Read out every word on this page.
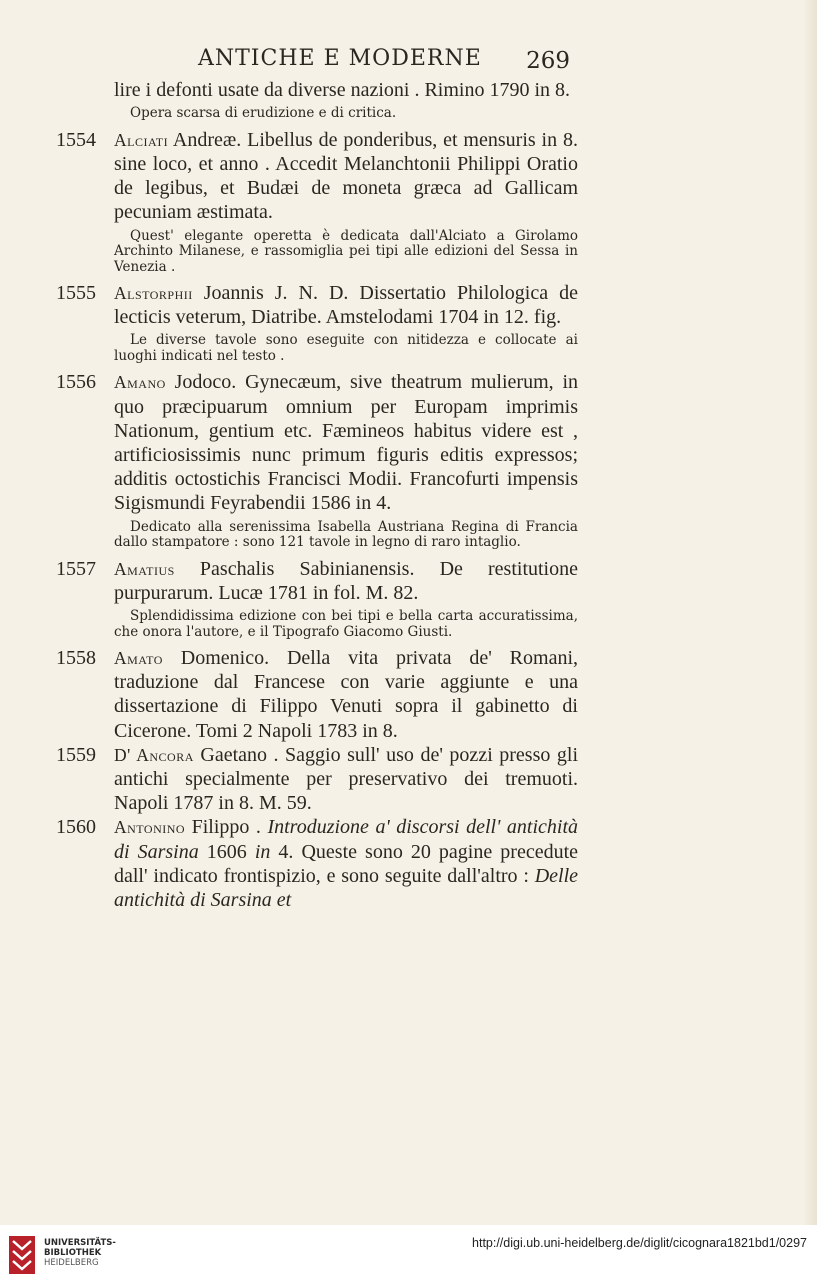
ANTICHE E MODERNE 269
lire i defonti usate da diverse nazioni . Rimino 1790 in 8.
Opera scarsa di erudizione e di critica.
1554	Alciati Andreæ. Libellus de ponderibus, et mensuris in 8. sine loco, et anno . Accedit Melanchtonii Philippi Oratio de legibus, et Budæi de moneta græca ad Gallicam pecuniam æstimata.
Quest' elegante operetta è dedicata dall'Alciato a Girolamo Archinto Milanese, e rassomiglia pei tipi alle edizioni del Sessa in Venezia .
1555	Alstorphii Joannis J. N. D. Dissertatio Philologica de lecticis veterum, Diatribe. Amstelodami 1704 in 12. fig.
Le diverse tavole sono eseguite con nitidezza e collocate ai luoghi indicati nel testo .
1556	Amano Jodoco. Gynecæum, sive theatrum mulierum, in quo præcipuarum omnium per Europam imprimis Nationum, gentium etc. Fæmineos habitus videre est , artificiosissimis nunc primum figuris editis expressos; additis octostichis Francisci Modii. Francofurti impensis Sigismundi Feyrabendii 1586 in 4.
Dedicato alla serenissima Isabella Austriana Regina di Francia dallo stampatore : sono 121 tavole in legno di raro intaglio.
1557	Amatius Paschalis Sabinianensis. De restitutione purpurarum. Lucæ 1781 in fol. M. 82.
Splendidissima edizione con bei tipi e bella carta accuratissima, che onora l'autore, e il Tipografo Giacomo Giusti.
1558	Amato Domenico. Della vita privata de' Romani, traduzione dal Francese con varie aggiunte e una dissertazione di Filippo Venuti sopra il gabinetto di Cicerone. Tomi 2 Napoli 1783 in 8.
1559	D' Ancora Gaetano . Saggio sull' uso de' pozzi presso gli antichi specialmente per preservativo dei tremuoti. Napoli 1787 in 8. M. 59.
1560	Antonino Filippo . Introduzione a' discorsi dell' antichità di Sarsina 1606 in 4. Queste sono 20 pagine precedute dall' indicato frontispizio, e sono seguite dall'altro : Delle antichità di Sarsina et
UNIVERSITÄTS-
BIBLIOTHEK
HEIDELBERG
http://digi.ub.uni-heidelberg.de/diglit/cicognara1821bd1/0297
